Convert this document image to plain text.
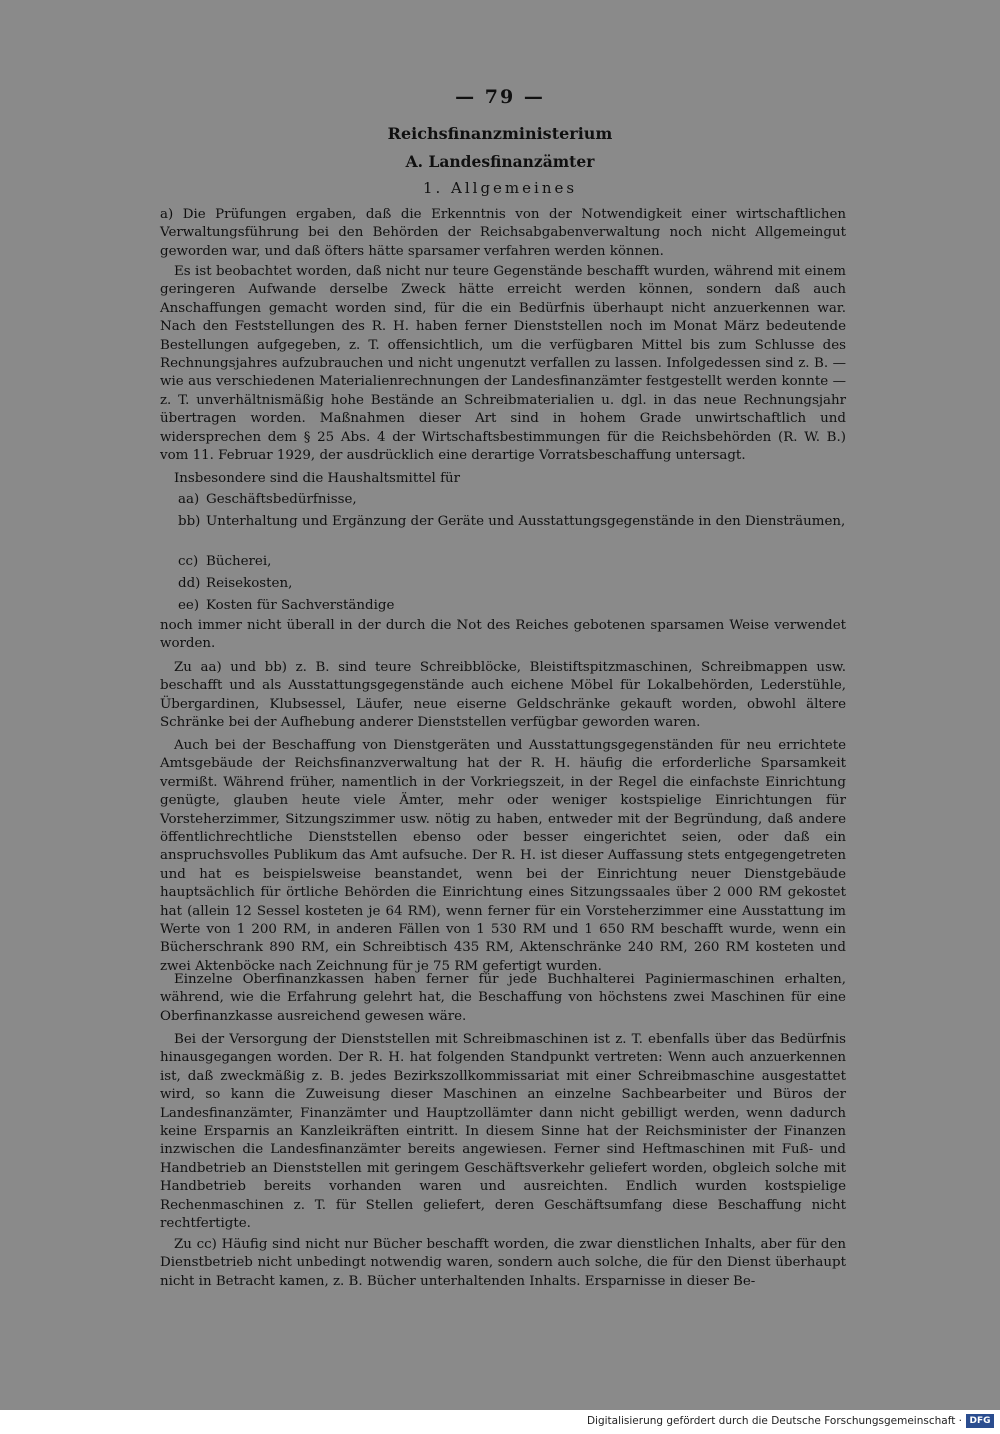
— 79 —
Reichsfinanzministerium
A. Landesfinanzämter
1. Allgemeines

a) Die Prüfungen ergaben, daß die Erkenntnis von der Notwendigkeit einer wirtschaftlichen Verwaltungsführung bei den Behörden der Reichsabgabenverwaltung noch nicht Allgemeingut geworden war, und daß öfters hätte sparsamer verfahren werden können.

Es ist beobachtet worden, daß nicht nur teure Gegenstände beschafft wurden, während mit einem geringeren Aufwande derselbe Zweck hätte erreicht werden können, sondern daß auch Anschaffungen gemacht worden sind, für die ein Bedürfnis überhaupt nicht anzuerkennen war. Nach den Feststellungen des R. H. haben ferner Dienststellen noch im Monat März bedeutende Bestellungen aufgegeben, z. T. offensichtlich, um die verfügbaren Mittel bis zum Schlusse des Rechnungsjahres aufzubrauchen und nicht ungenutzt verfallen zu lassen. Infolgedessen sind z. B. — wie aus verschiedenen Materialienrechnungen der Landesfinanzämter festgestellt werden konnte — z. T. unverhältnismäßig hohe Bestände an Schreibmaterialien u. dgl. in das neue Rechnungsjahr übertragen worden. Maßnahmen dieser Art sind in hohem Grade unwirtschaftlich und widersprechen dem § 25 Abs. 4 der Wirtschaftsbestimmungen für die Reichsbehörden (R. W. B.) vom 11. Februar 1929, der ausdrücklich eine derartige Vorratsbeschaffung untersagt.

Insbesondere sind die Haushaltsmittel für

aa) Geschäftsbedürfnisse,
bb) Unterhaltung und Ergänzung der Geräte und Ausstattungsgegenstände in den Diensträumen,
cc) Bücherei,
dd) Reisekosten,
ee) Kosten für Sachverständige

noch immer nicht überall in der durch die Not des Reiches gebotenen sparsamen Weise verwendet worden.

Zu aa) und bb) z. B. sind teure Schreibblöcke, Bleistiftspitzmaschinen, Schreibmappen usw. beschafft und als Ausstattungsgegenstände auch eichene Möbel für Lokalbehörden, Lederstühle, Übergardinen, Klubsessel, Läufer, neue eiserne Geldschränke gekauft worden, obwohl ältere Schränke bei der Aufhebung anderer Dienststellen verfügbar geworden waren.

Auch bei der Beschaffung von Dienstgeräten und Ausstattungsgegenständen für neu errichtete Amtsgebäude der Reichsfinanzverwaltung hat der R. H. häufig die erforderliche Sparsamkeit vermißt. Während früher, namentlich in der Vorkriegszeit, in der Regel die einfachste Einrichtung genügte, glauben heute viele Ämter, mehr oder weniger kostspielige Einrichtungen für Vorsteherzimmer, Sitzungszimmer usw. nötig zu haben, entweder mit der Begründung, daß andere öffentlichrechtliche Dienststellen ebenso oder besser eingerichtet seien, oder daß ein anspruchsvolles Publikum das Amt aufsuche. Der R. H. ist dieser Auffassung stets entgegengetreten und hat es beispielsweise beanstandet, wenn bei der Einrichtung neuer Dienstgebäude hauptsächlich für örtliche Behörden die Einrichtung eines Sitzungssaales über 2 000 RM gekostet hat (allein 12 Sessel kosteten je 64 RM), wenn ferner für ein Vorsteherzimmer eine Ausstattung im Werte von 1 200 RM, in anderen Fällen von 1 530 RM und 1 650 RM beschafft wurde, wenn ein Bücherschrank 890 RM, ein Schreibtisch 435 RM, Aktenschränke 240 RM, 260 RM kosteten und zwei Aktenböcke nach Zeichnung für je 75 RM gefertigt wurden.

Einzelne Oberfinanzkassen haben ferner für jede Buchhalterei Paginiermaschinen erhalten, während, wie die Erfahrung gelehrt hat, die Beschaffung von höchstens zwei Maschinen für eine Oberfinanzkasse ausreichend gewesen wäre.

Bei der Versorgung der Dienststellen mit Schreibmaschinen ist z. T. ebenfalls über das Bedürfnis hinausgegangen worden. Der R. H. hat folgenden Standpunkt vertreten: Wenn auch anzuerkennen ist, daß zweckmäßig z. B. jedes Bezirkszollkommissariat mit einer Schreibmaschine ausgestattet wird, so kann die Zuweisung dieser Maschinen an einzelne Sachbearbeiter und Büros der Landesfinanzämter, Finanzämter und Hauptzollämter dann nicht gebilligt werden, wenn dadurch keine Ersparnis an Kanzleikräften eintritt. In diesem Sinne hat der Reichsminister der Finanzen inzwischen die Landesfinanzämter bereits angewiesen. Ferner sind Heftmaschinen mit Fuß- und Handbetrieb an Dienststellen mit geringem Geschäftsverkehr geliefert worden, obgleich solche mit Handbetrieb bereits vorhanden waren und ausreichten. Endlich wurden kostspielige Rechenmaschinen z. T. für Stellen geliefert, deren Geschäftsumfang diese Beschaffung nicht rechtfertigte.

Zu cc) Häufig sind nicht nur Bücher beschafft worden, die zwar dienstlichen Inhalts, aber für den Dienstbetrieb nicht unbedingt notwendig waren, sondern auch solche, die für den Dienst überhaupt nicht in Betracht kamen, z. B. Bücher unterhaltenden Inhalts. Ersparnisse in dieser Be-

Digitalisierung gefördert durch die Deutsche Forschungsgemeinschaft · DFG
